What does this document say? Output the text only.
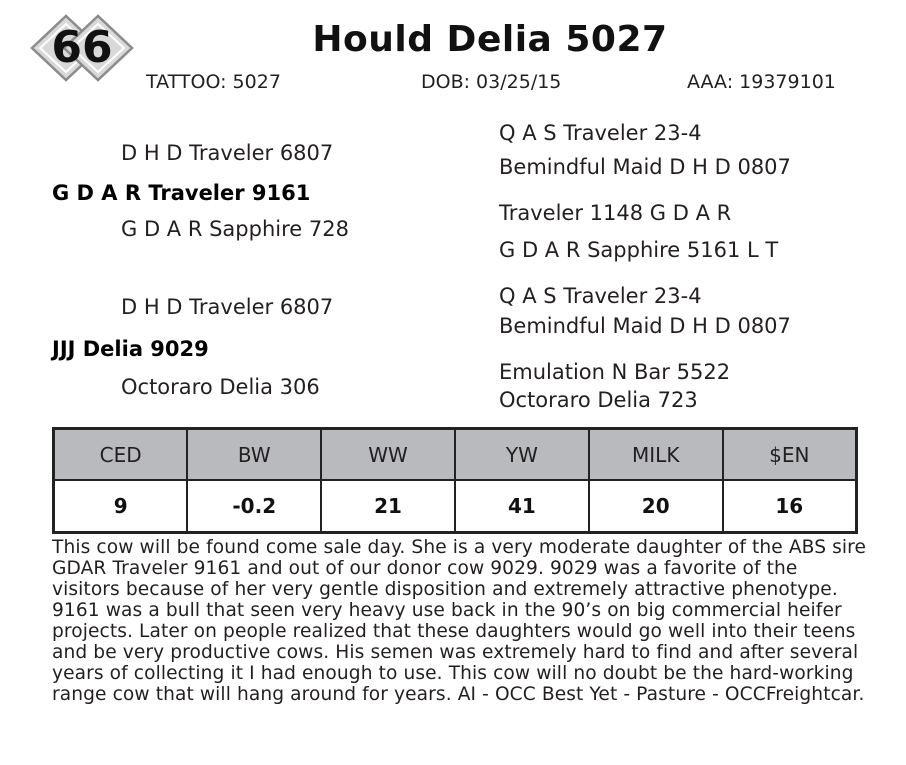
66	Hould Delia 5027
TATTOO: 5027	DOB: 03/25/15	AAA: 19379101
Q A S Traveler 23-4
D H D Traveler 6807
Bemindful Maid D H D 0807
G D A R Traveler 9161
Traveler 1148 G D A R
G D A R Sapphire 728
G D A R Sapphire 5161 L T
Q A S Traveler 23-4
D H D Traveler 6807
Bemindful Maid D H D 0807
JJJ Delia 9029
Emulation N Bar 5522
Octoraro Delia 306
Octoraro Delia 723
CED	BW	WW	YW	MILK	$EN
9	-0.2	21	41	20	16

This cow will be found come sale day. She is a very moderate daughter of the ABS sire GDAR Traveler 9161 and out of our donor cow 9029. 9029 was a favorite of the visitors because of her very gentle disposition and extremely attractive phenotype. 9161 was a bull that seen very heavy use back in the 90’s on big commercial heifer projects. Later on people realized that these daughters would go well into their teens and be very productive cows. His semen was extremely hard to find and after several years of collecting it I had enough to use. This cow will no doubt be the hard-working range cow that will hang around for years. AI - OCC Best Yet - Pasture - OCCFreightcar.
